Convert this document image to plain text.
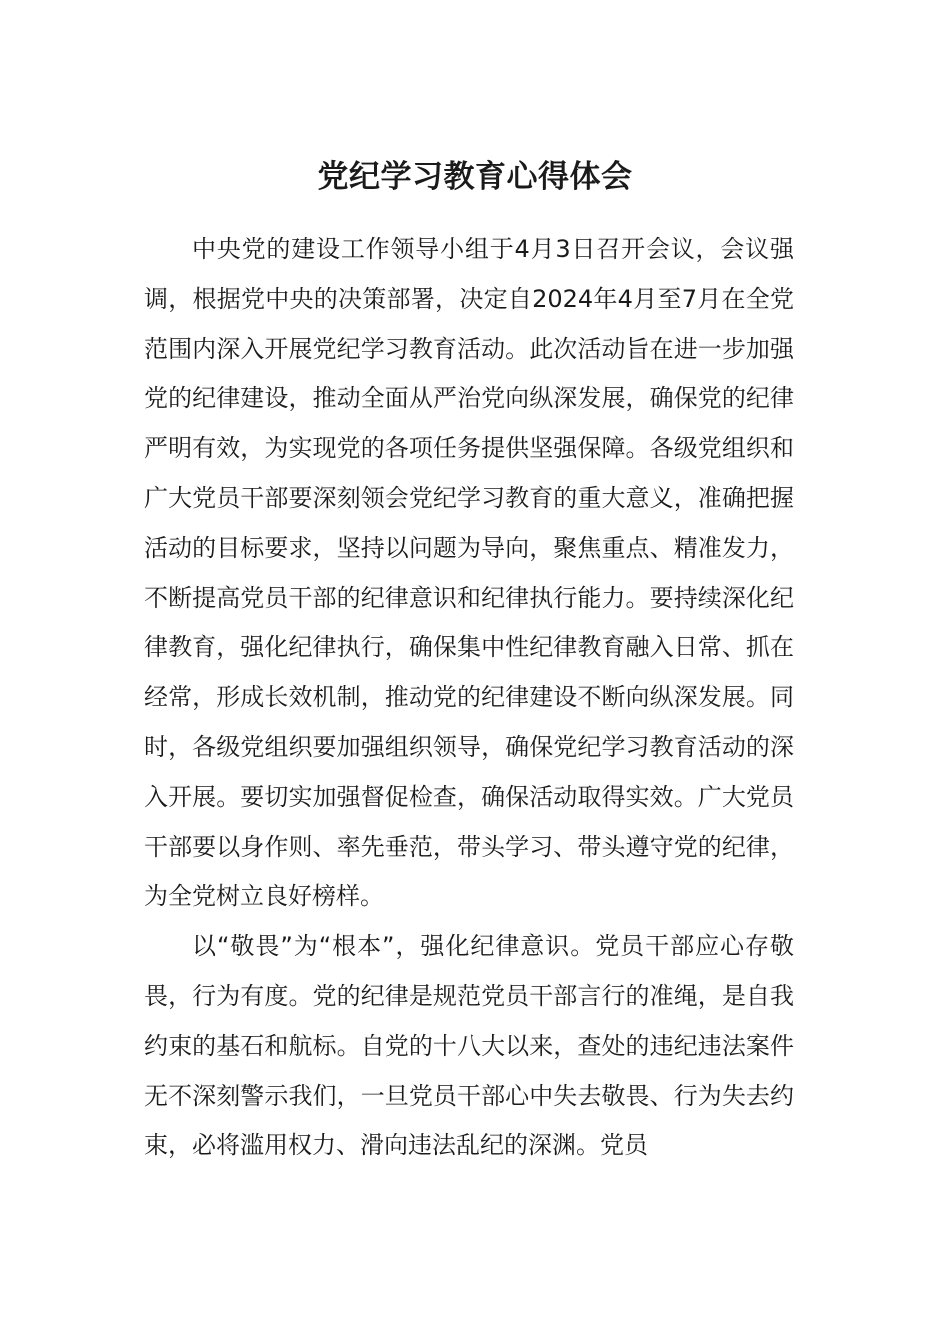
党纪学习教育心得体会

中央党的建设工作领导小组于4月3日召开会议，会议强调，根据党中央的决策部署，决定自2024年4月至7月在全党范围内深入开展党纪学习教育活动。此次活动旨在进一步加强党的纪律建设，推动全面从严治党向纵深发展，确保党的纪律严明有效，为实现党的各项任务提供坚强保障。各级党组织和广大党员干部要深刻领会党纪学习教育的重大意义，准确把握活动的目标要求，坚持以问题为导向，聚焦重点、精准发力，不断提高党员干部的纪律意识和纪律执行能力。要持续深化纪律教育，强化纪律执行，确保集中性纪律教育融入日常、抓在经常，形成长效机制，推动党的纪律建设不断向纵深发展。同时，各级党组织要加强组织领导，确保党纪学习教育活动的深入开展。要切实加强督促检查，确保活动取得实效。广大党员干部要以身作则、率先垂范，带头学习、带头遵守党的纪律，为全党树立良好榜样。

以“敬畏”为“根本”，强化纪律意识。党员干部应心存敬畏，行为有度。党的纪律是规范党员干部言行的准绳，是自我约束的基石和航标。自党的十八大以来，查处的违纪违法案件无不深刻警示我们，一旦党员干部心中失去敬畏、行为失去约束，必将滥用权力、滑向违法乱纪的深渊。党员
